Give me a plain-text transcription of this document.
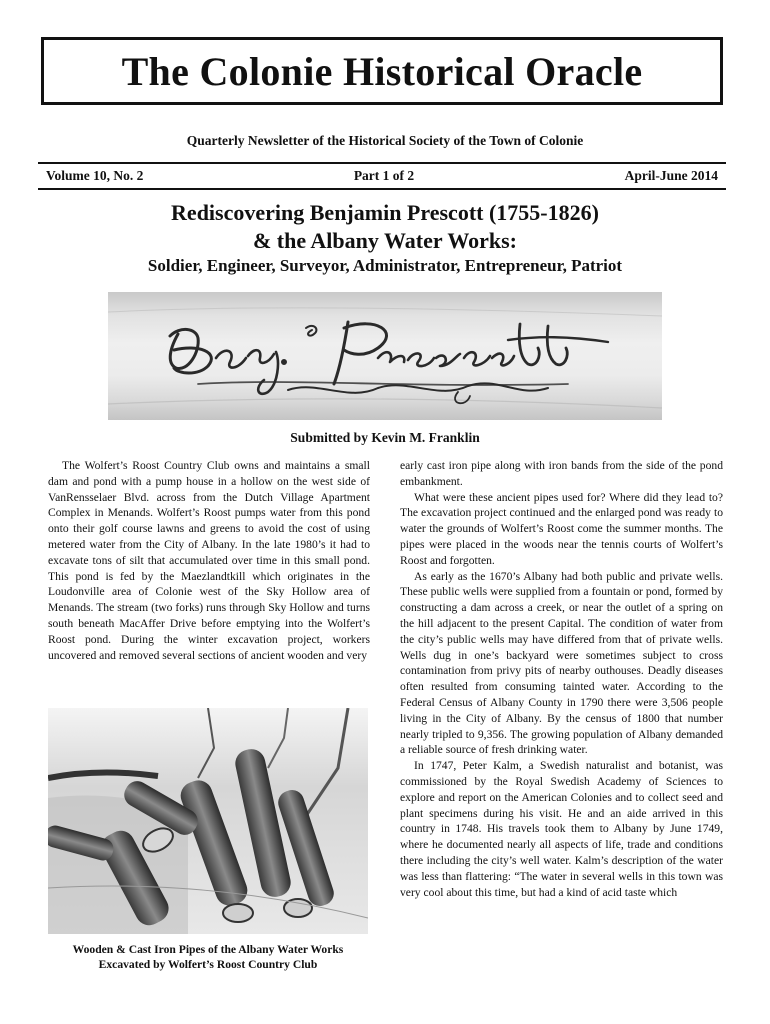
The Colonie Historical Oracle
Quarterly Newsletter of the Historical Society of the Town of Colonie
Volume 10, No. 2	Part 1 of 2	April-June 2014
Rediscovering Benjamin Prescott (1755-1826)
& the Albany Water Works:
Soldier, Engineer, Surveyor, Administrator, Entrepreneur, Patriot
Submitted by Kevin M. Franklin

The Wolfert’s Roost Country Club owns and maintains a small dam and pond with a pump house in a hollow on the west side of VanRensselaer Blvd. across from the Dutch Village Apartment Complex in Menands. Wolfert’s Roost pumps water from this pond onto their golf course lawns and greens to avoid the cost of using metered water from the City of Albany. In the late 1980’s it had to excavate tons of silt that accumulated over time in this small pond. This pond is fed by the Maezlandtkill which originates in the Loudonville area of Colonie west of the Sky Hollow area of Menands. The stream (two forks) runs through Sky Hollow and turns south beneath MacAffer Drive before emptying into the Wolfert’s Roost pond. During the winter excavation project, workers uncovered and removed several sections of ancient wooden and very

Wooden & Cast Iron Pipes of the Albany Water Works
Excavated by Wolfert’s Roost Country Club

early cast iron pipe along with iron bands from the side of the pond embankment.

What were these ancient pipes used for? Where did they lead to? The excavation project continued and the enlarged pond was ready to water the grounds of Wolfert’s Roost come the summer months. The pipes were placed in the woods near the tennis courts of Wolfert’s Roost and forgotten.

As early as the 1670’s Albany had both public and private wells. These public wells were supplied from a fountain or pond, formed by constructing a dam across a creek, or near the outlet of a spring on the hill adjacent to the present Capital. The condition of water from the city’s public wells may have differed from that of private wells. Wells dug in one’s backyard were sometimes subject to cross contamination from privy pits of nearby outhouses. Deadly diseases often resulted from consuming tainted water. According to the Federal Census of Albany County in 1790 there were 3,506 people living in the City of Albany. By the census of 1800 that number nearly tripled to 9,356. The growing population of Albany demanded a reliable source of fresh drinking water.

In 1747, Peter Kalm, a Swedish naturalist and botanist, was commissioned by the Royal Swedish Academy of Sciences to explore and report on the American Colonies and to collect seed and plant specimens during his visit. He and an aide arrived in this country in 1748. His travels took them to Albany by June 1749, where he documented nearly all aspects of life, trade and conditions there including the city’s well water. Kalm’s description of the water was less than flattering: “The water in several wells in this town was very cool about this time, but had a kind of acid taste which
